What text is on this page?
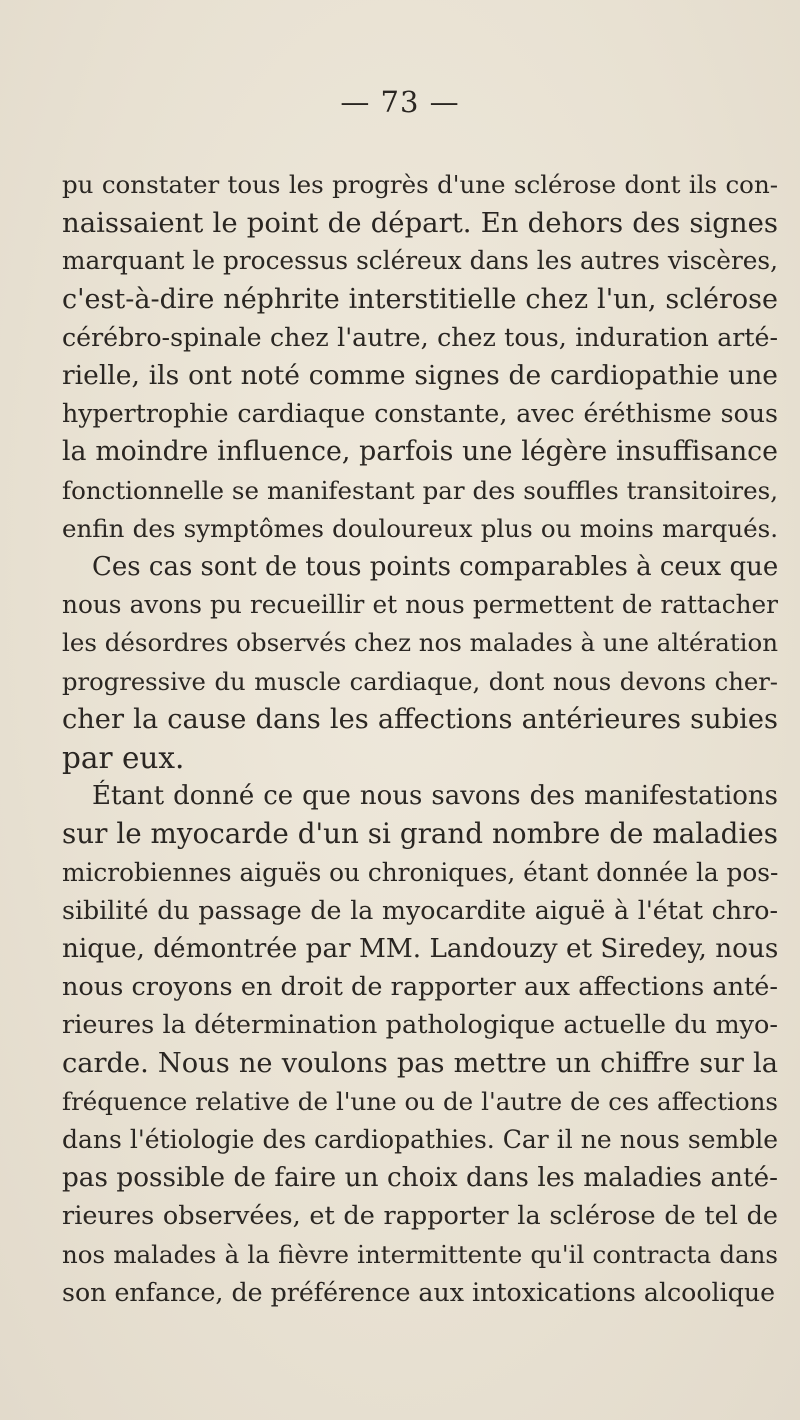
— 73 —
pu constater tous les progrès d'une sclérose dont ils con-
naissaient le point de départ. En dehors des signes
marquant le processus scléreux dans les autres viscères,
c'est-à-dire néphrite interstitielle chez l'un, sclérose
cérébro-spinale chez l'autre, chez tous, induration arté-
rielle, ils ont noté comme signes de cardiopathie une
hypertrophie cardiaque constante, avec éréthisme sous
la moindre influence, parfois une légère insuffisance
fonctionnelle se manifestant par des souffles transitoires,
enfin des symptômes douloureux plus ou moins marqués.
Ces cas sont de tous points comparables à ceux que
nous avons pu recueillir et nous permettent de rattacher
les désordres observés chez nos malades à une altération
progressive du muscle cardiaque, dont nous devons cher-
cher la cause dans les affections antérieures subies
par eux.
Étant donné ce que nous savons des manifestations
sur le myocarde d'un si grand nombre de maladies
microbiennes aiguës ou chroniques, étant donnée la pos-
sibilité du passage de la myocardite aiguë à l'état chro-
nique, démontrée par MM. Landouzy et Siredey, nous
nous croyons en droit de rapporter aux affections anté-
rieures la détermination pathologique actuelle du myo-
carde. Nous ne voulons pas mettre un chiffre sur la
fréquence relative de l'une ou de l'autre de ces affections
dans l'étiologie des cardiopathies. Car il ne nous semble
pas possible de faire un choix dans les maladies anté-
rieures observées, et de rapporter la sclérose de tel de
nos malades à la fièvre intermittente qu'il contracta dans
son enfance, de préférence aux intoxications alcoolique
